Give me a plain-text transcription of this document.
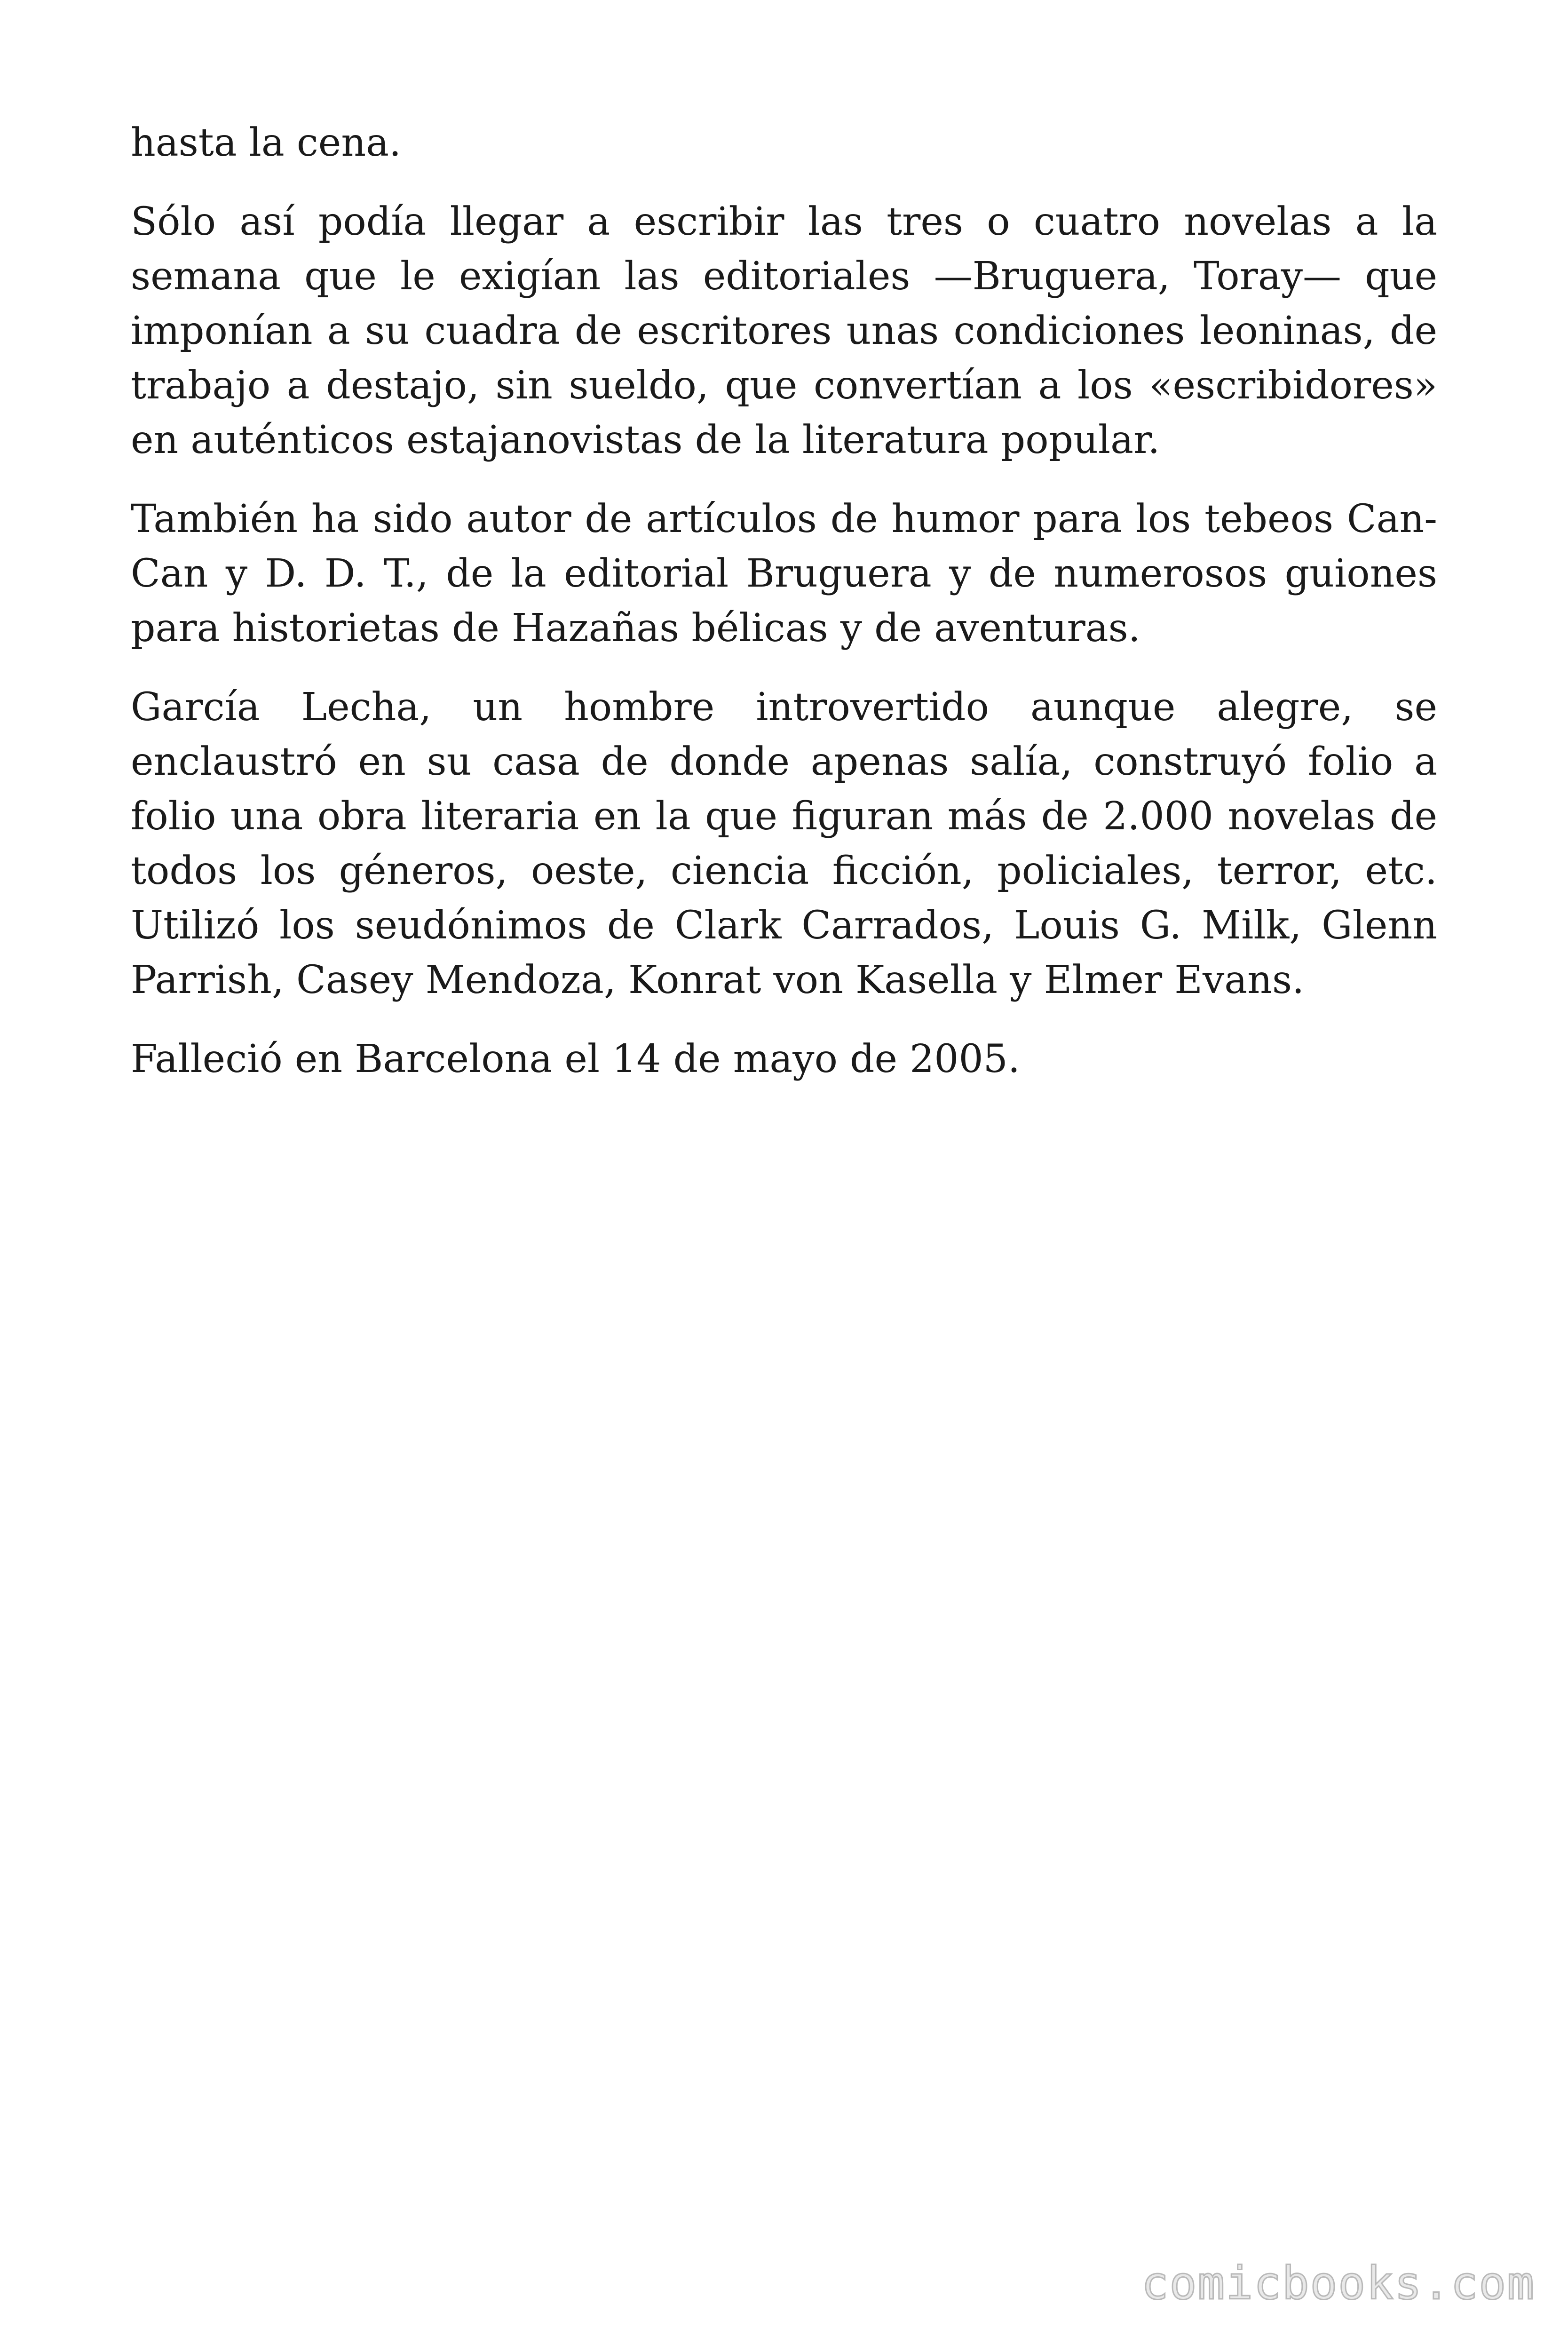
hasta la cena.

Sólo así podía llegar a escribir las tres o cuatro novelas a la semana que le exigían las editoriales —Bruguera, Toray— que imponían a su cuadra de escritores unas condiciones leoninas, de trabajo a destajo, sin sueldo, que convertían a los «escribidores» en auténticos estajanovistas de la literatura popular.

También ha sido autor de artículos de humor para los tebeos Can-Can y D. D. T., de la editorial Bruguera y de numerosos guiones para historietas de Hazañas bélicas y de aventuras.

García Lecha, un hombre introvertido aunque alegre, se enclaustró en su casa de donde apenas salía, construyó folio a folio una obra literaria en la que figuran más de 2.000 novelas de todos los géneros, oeste, ciencia ficción, policiales, terror, etc. Utilizó los seudónimos de Clark Carrados, Louis G. Milk, Glenn Parrish, Casey Mendoza, Konrat von Kasella y Elmer Evans.

Falleció en Barcelona el 14 de mayo de 2005.

comicbooks.com
